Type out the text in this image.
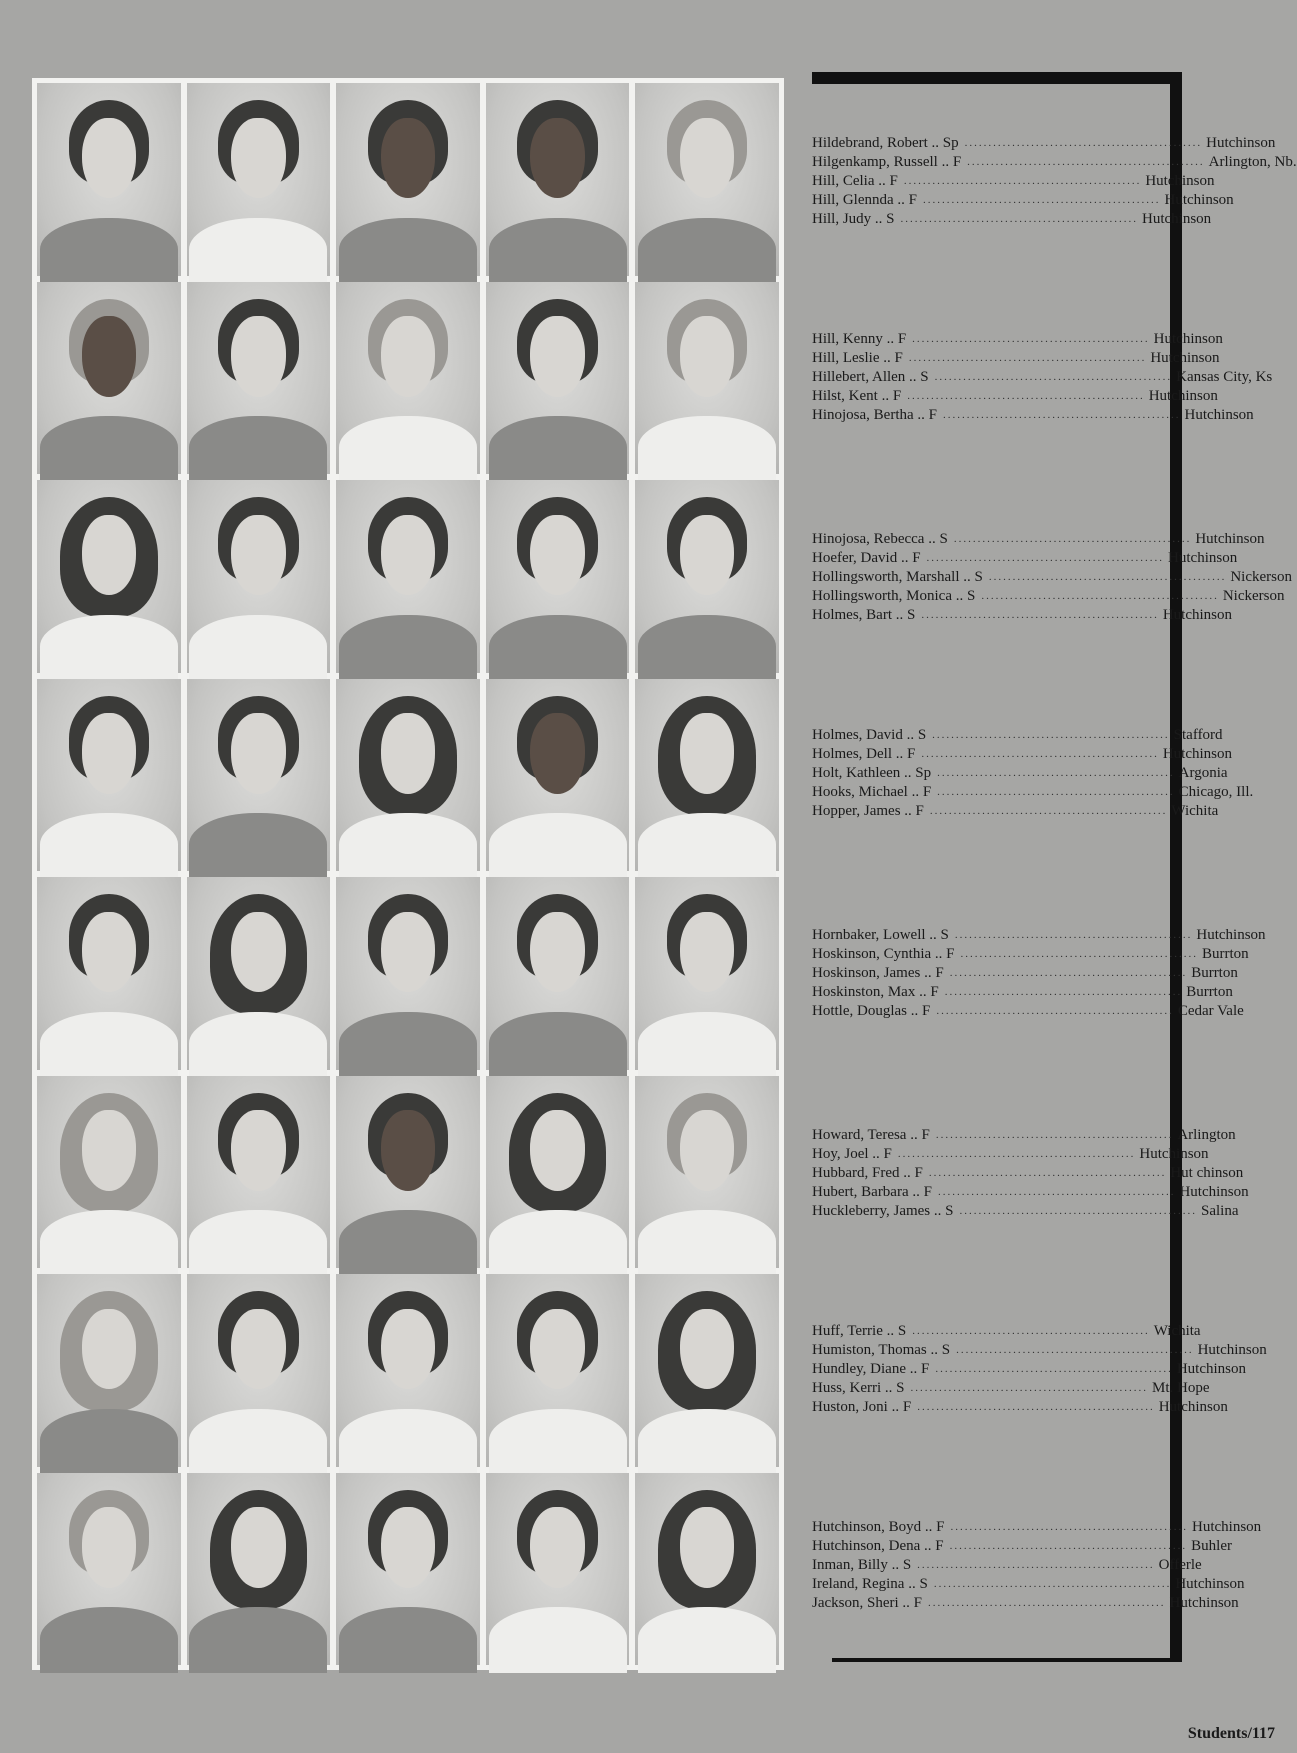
Hildebrand, Robert .. Sp .................................................. Hutchinson
Hilgenkamp, Russell .. F .................................................. Arlington, Nb.
Hill, Celia .. F .................................................. Hutchinson
Hill, Glennda .. F .................................................. Hutchinson
Hill, Judy .. S .................................................. Hutchinson
Hill, Kenny .. F .................................................. Hutchinson
Hill, Leslie .. F .................................................. Hutchinson
Hillebert, Allen .. S .................................................. Kansas City, Ks
Hilst, Kent .. F .................................................. Hutchinson
Hinojosa, Bertha .. F .................................................. Hutchinson
Hinojosa, Rebecca .. S .................................................. Hutchinson
Hoefer, David .. F .................................................. Hutchinson
Hollingsworth, Marshall .. S .................................................. Nickerson
Hollingsworth, Monica .. S .................................................. Nickerson
Holmes, Bart .. S .................................................. Hutchinson
Holmes, David .. S .................................................. Stafford
Holmes, Dell .. F .................................................. Hutchinson
Holt, Kathleen .. Sp .................................................. Argonia
Hooks, Michael .. F .................................................. Chicago, Ill.
Hopper, James .. F .................................................. Wichita
Hornbaker, Lowell .. S .................................................. Hutchinson
Hoskinson, Cynthia .. F .................................................. Burrton
Hoskinson, James .. F .................................................. Burrton
Hoskinston, Max .. F .................................................. Burrton
Hottle, Douglas .. F .................................................. Cedar Vale
Howard, Teresa .. F .................................................. Arlington
Hoy, Joel .. F .................................................. Hutchinson
Hubbard, Fred .. F .................................................. Hut chinson
Hubert, Barbara .. F .................................................. Hutchinson
Huckleberry, James .. S .................................................. Salina
Huff, Terrie .. S .................................................. Wichita
Humiston, Thomas .. S .................................................. Hutchinson
Hundley, Diane .. F .................................................. Hutchinson
Huss, Kerri .. S .................................................. Mt. Hope
Huston, Joni .. F .................................................. Hutchinson
Hutchinson, Boyd .. F .................................................. Hutchinson
Hutchinson, Dena .. F .................................................. Buhler
Inman, Billy .. S .................................................. Offerle
Ireland, Regina .. S .................................................. Hutchinson
Jackson, Sheri .. F .................................................. Hutchinson
Students/117
